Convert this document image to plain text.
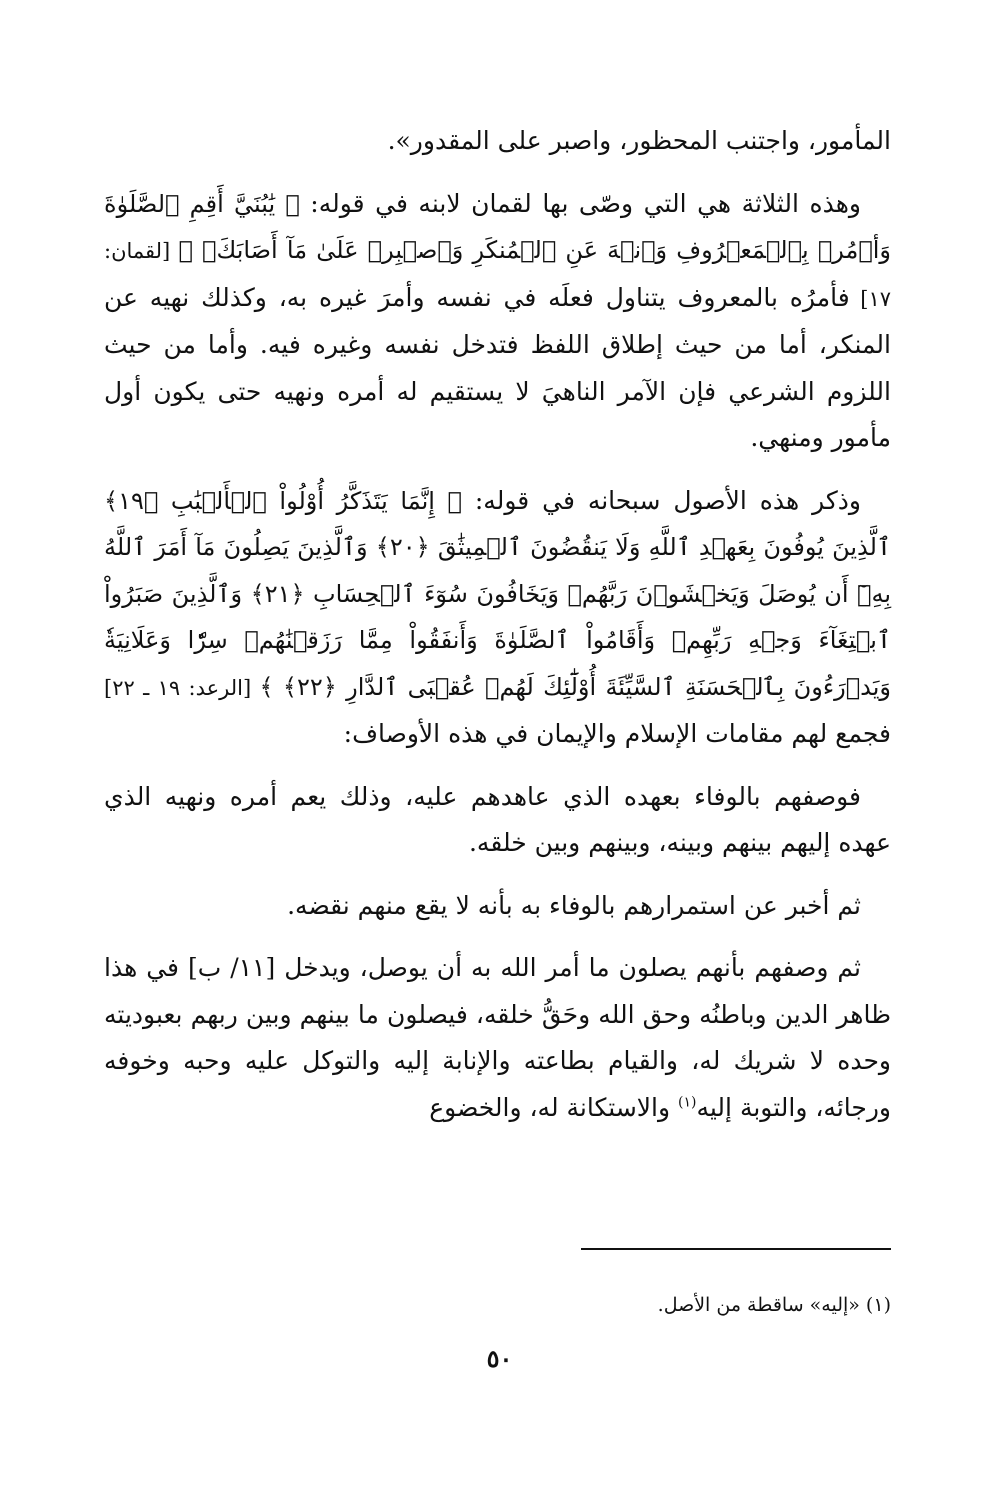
المأمور، واجتنب المحظور، واصبر على المقدور».

وهذه الثلاثة هي التي وصّى بها لقمان لابنه في قوله: ﴿ يَٰبُنَيَّ أَقِمِ ٱلصَّلَوٰةَ وَأۡمُرۡ بِٱلۡمَعۡرُوفِ وَٱنۡهَ عَنِ ٱلۡمُنكَرِ وَٱصۡبِرۡ عَلَىٰ مَآ أَصَابَكَۖ ﴾ [لقمان: ١٧] فأمرُه بالمعروف يتناول فعلَه في نفسه وأمرَ غيره به، وكذلك نهيه عن المنكر، أما من حيث إطلاق اللفظ فتدخل نفسه وغيره فيه. وأما من حيث اللزوم الشرعي فإن الآمر الناهيَ لا يستقيم له أمره ونهيه حتى يكون أول مأمور ومنهي.

وذكر هذه الأصول سبحانه في قوله: ﴿ إِنَّمَا يَتَذَكَّرُ أُوْلُواْ ٱلۡأَلۡبَٰبِ ﴿١٩﴾ ٱلَّذِينَ يُوفُونَ بِعَهۡدِ ٱللَّهِ وَلَا يَنقُضُونَ ٱلۡمِيثَٰقَ ﴿٢٠﴾ وَٱلَّذِينَ يَصِلُونَ مَآ أَمَرَ ٱللَّهُ بِهِۦٓ أَن يُوصَلَ وَيَخۡشَوۡنَ رَبَّهُمۡ وَيَخَافُونَ سُوٓءَ ٱلۡحِسَابِ ﴿٢١﴾ وَٱلَّذِينَ صَبَرُواْ ٱبۡتِغَآءَ وَجۡهِ رَبِّهِمۡ وَأَقَامُواْ ٱلصَّلَوٰةَ وَأَنفَقُواْ مِمَّا رَزَقۡنَٰهُمۡ سِرّٗا وَعَلَانِيَةٗ وَيَدۡرَءُونَ بِٱلۡحَسَنَةِ ٱلسَّيِّئَةَ أُوْلَٰٓئِكَ لَهُمۡ عُقۡبَى ٱلدَّارِ ﴿٢٢﴾ ﴾ [الرعد: ١٩ ـ ٢٢] فجمع لهم مقامات الإسلام والإيمان في هذه الأوصاف:

فوصفهم بالوفاء بعهده الذي عاهدهم عليه، وذلك يعم أمره ونهيه الذي عهده إليهم بينهم وبينه، وبينهم وبين خلقه.

ثم أخبر عن استمرارهم بالوفاء به بأنه لا يقع منهم نقضه.

ثم وصفهم بأنهم يصلون ما أمر الله به أن يوصل، ويدخل [١١/ ب] في هذا ظاهر الدين وباطنُه وحق الله وحَقُّ خلقه، فيصلون ما بينهم وبين ربهم بعبوديته وحده لا شريك له، والقيام بطاعته والإنابة إليه والتوكل عليه وحبه وخوفه ورجائه، والتوبة إليه$^{(١)}$ والاستكانة له، والخضوع

(١) «إليه» ساقطة من الأصل.
٥٠
